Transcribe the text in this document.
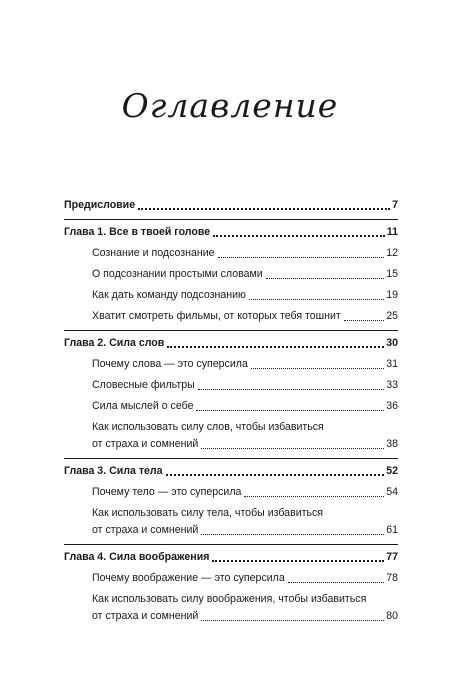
Оглавление
Предисловие	7
Глава 1. Все в твоей голове	11
Сознание и подсознание	12
О подсознании простыми словами	15
Как дать команду подсознанию	19
Хватит смотреть фильмы, от которых тебя тошнит	25
Глава 2. Сила слов	30
Почему слова — это суперсила	31
Словесные фильтры	33
Сила мыслей о себе	36
Как использовать силу слов, чтобы избавиться
от страха и сомнений	38
Глава 3. Сила тела	52
Почему тело — это суперсила	54
Как использовать силу тела, чтобы избавиться
от страха и сомнений	61
Глава 4. Сила воображения	77
Почему воображение — это суперсила	78
Как использовать силу воображения, чтобы избавиться
от страха и сомнений	80
